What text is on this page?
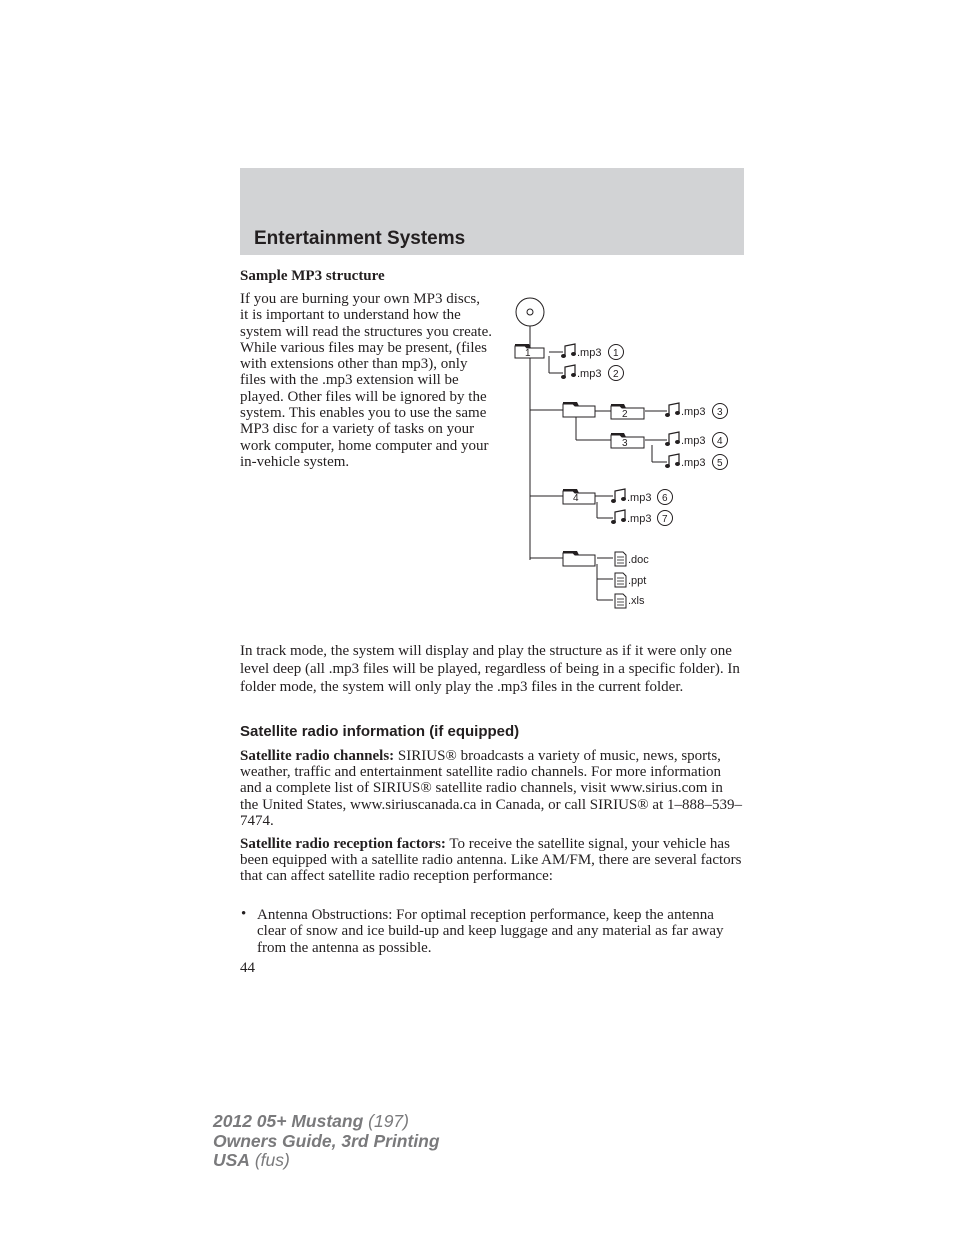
Entertainment Systems
Sample MP3 structure

If you are burning your own MP3 discs, it is important to understand how the system will read the structures you create. While various files may be present, (files with extensions other than mp3), only files with the .mp3 extension will be played. Other files will be ignored by the system. This enables you to use the same MP3 disc for a variety of tasks on your work computer, home computer and your in-vehicle system.

1
2
3
4
.mp3
.mp3
.mp3
.mp3
.mp3
.mp3
.mp3
1
2
3
4
5
6
7
.doc
.ppt
.xls

In track mode, the system will display and play the structure as if it were only one level deep (all .mp3 files will be played, regardless of being in a specific folder). In folder mode, the system will only play the .mp3 files in the current folder.

Satellite radio information (if equipped)

Satellite radio channels: SIRIUS® broadcasts a variety of music, news, sports, weather, traffic and entertainment satellite radio channels. For more information and a complete list of SIRIUS® satellite radio channels, visit www.sirius.com in the United States, www.siriuscanada.ca in Canada, or call SIRIUS® at 1–888–539–7474.

Satellite radio reception factors: To receive the satellite signal, your vehicle has been equipped with a satellite radio antenna. Like AM/FM, there are several factors that can affect satellite radio reception performance:

• Antenna Obstructions: For optimal reception performance, keep the antenna clear of snow and ice build-up and keep luggage and any material as far away from the antenna as possible.

44

2012 05+ Mustang (197)
Owners Guide, 3rd Printing
USA (fus)
